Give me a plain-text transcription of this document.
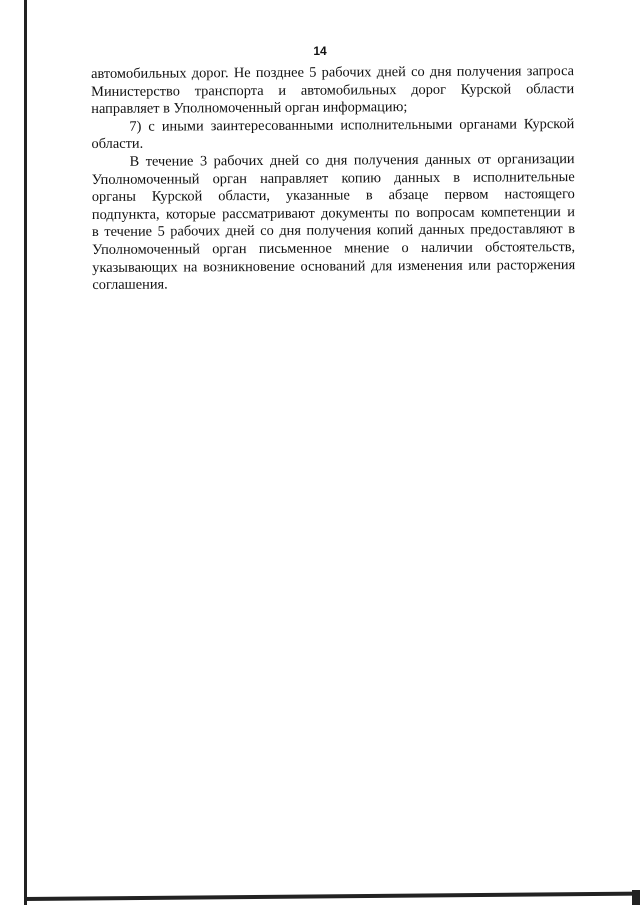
14
автомобильных дорог. Не позднее 5 рабочих дней со дня получения запроса
Министерство транспорта и автомобильных дорог Курской области
направляет в Уполномоченный орган информацию;
7) с иными заинтересованными исполнительными органами Курской
области.
В течение 3 рабочих дней со дня получения данных от организации
Уполномоченный орган направляет копию данных в исполнительные
органы Курской области, указанные в абзаце первом настоящего
подпункта, которые рассматривают документы по вопросам компетенции и
в течение 5 рабочих дней со дня получения копий данных предоставляют в
Уполномоченный орган письменное мнение о наличии обстоятельств,
указывающих на возникновение оснований для изменения или расторжения
соглашения.
